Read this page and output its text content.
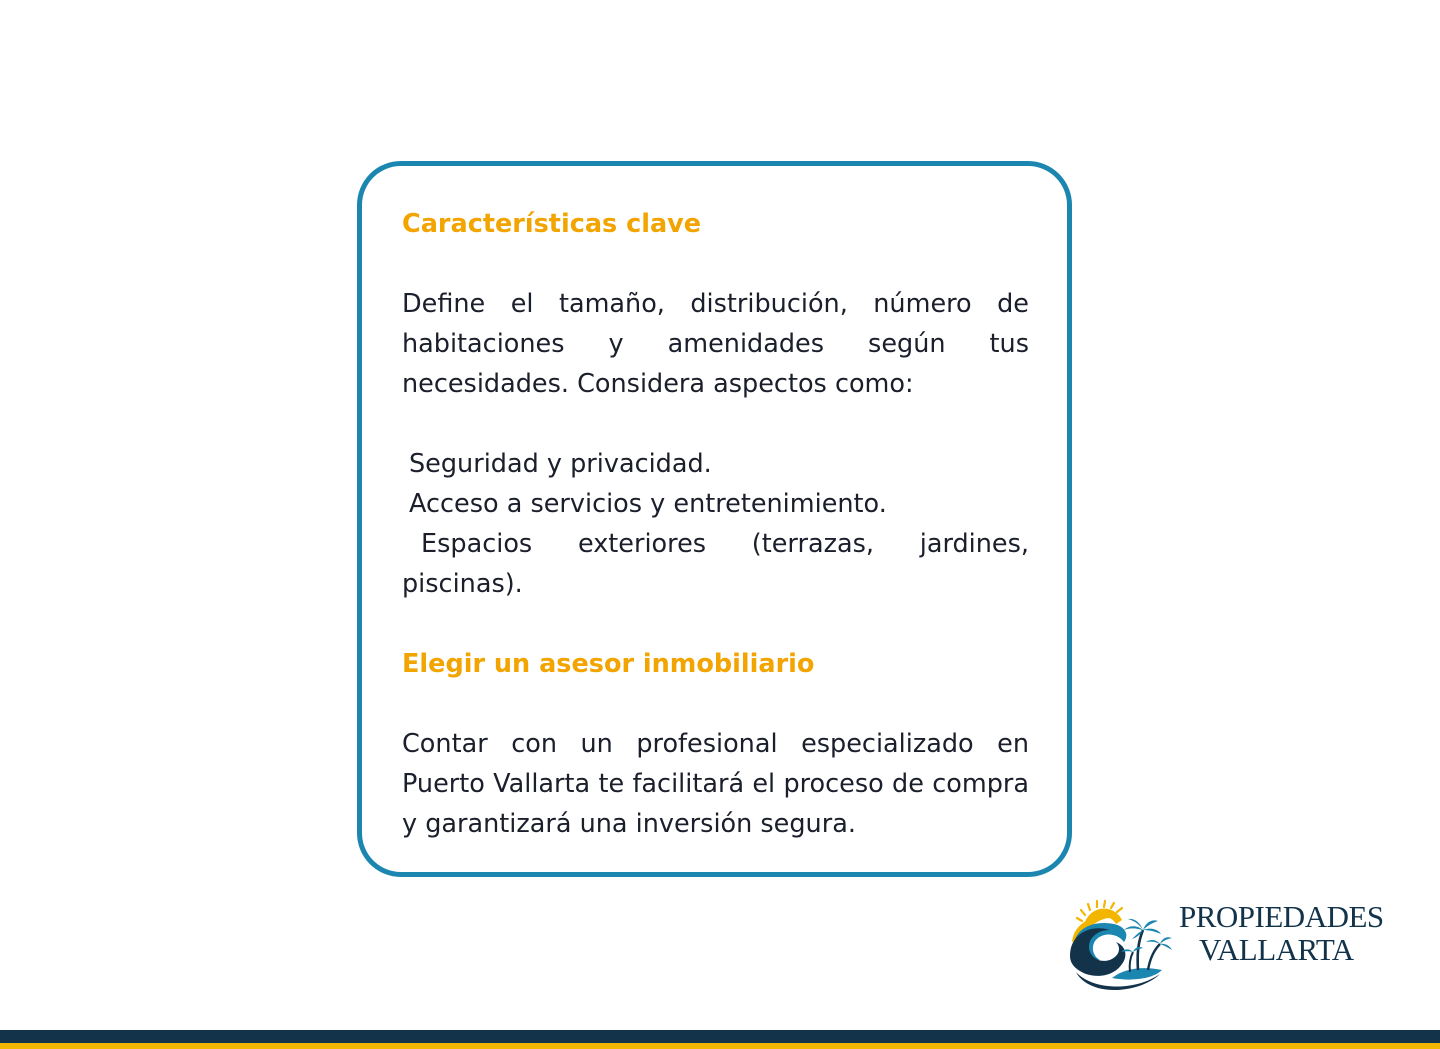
Características clave

Define el tamaño, distribución, número de habitaciones y amenidades según tus necesidades. Considera aspectos como:

Seguridad y privacidad.

Acceso a servicios y entretenimiento.

Espacios exteriores (terrazas, jardines, piscinas).

Elegir un asesor inmobiliario

Contar con un profesional especializado en Puerto Vallarta te facilitará el proceso de compra y garantizará una inversión segura.

PROPIEDADES
VALLARTA
